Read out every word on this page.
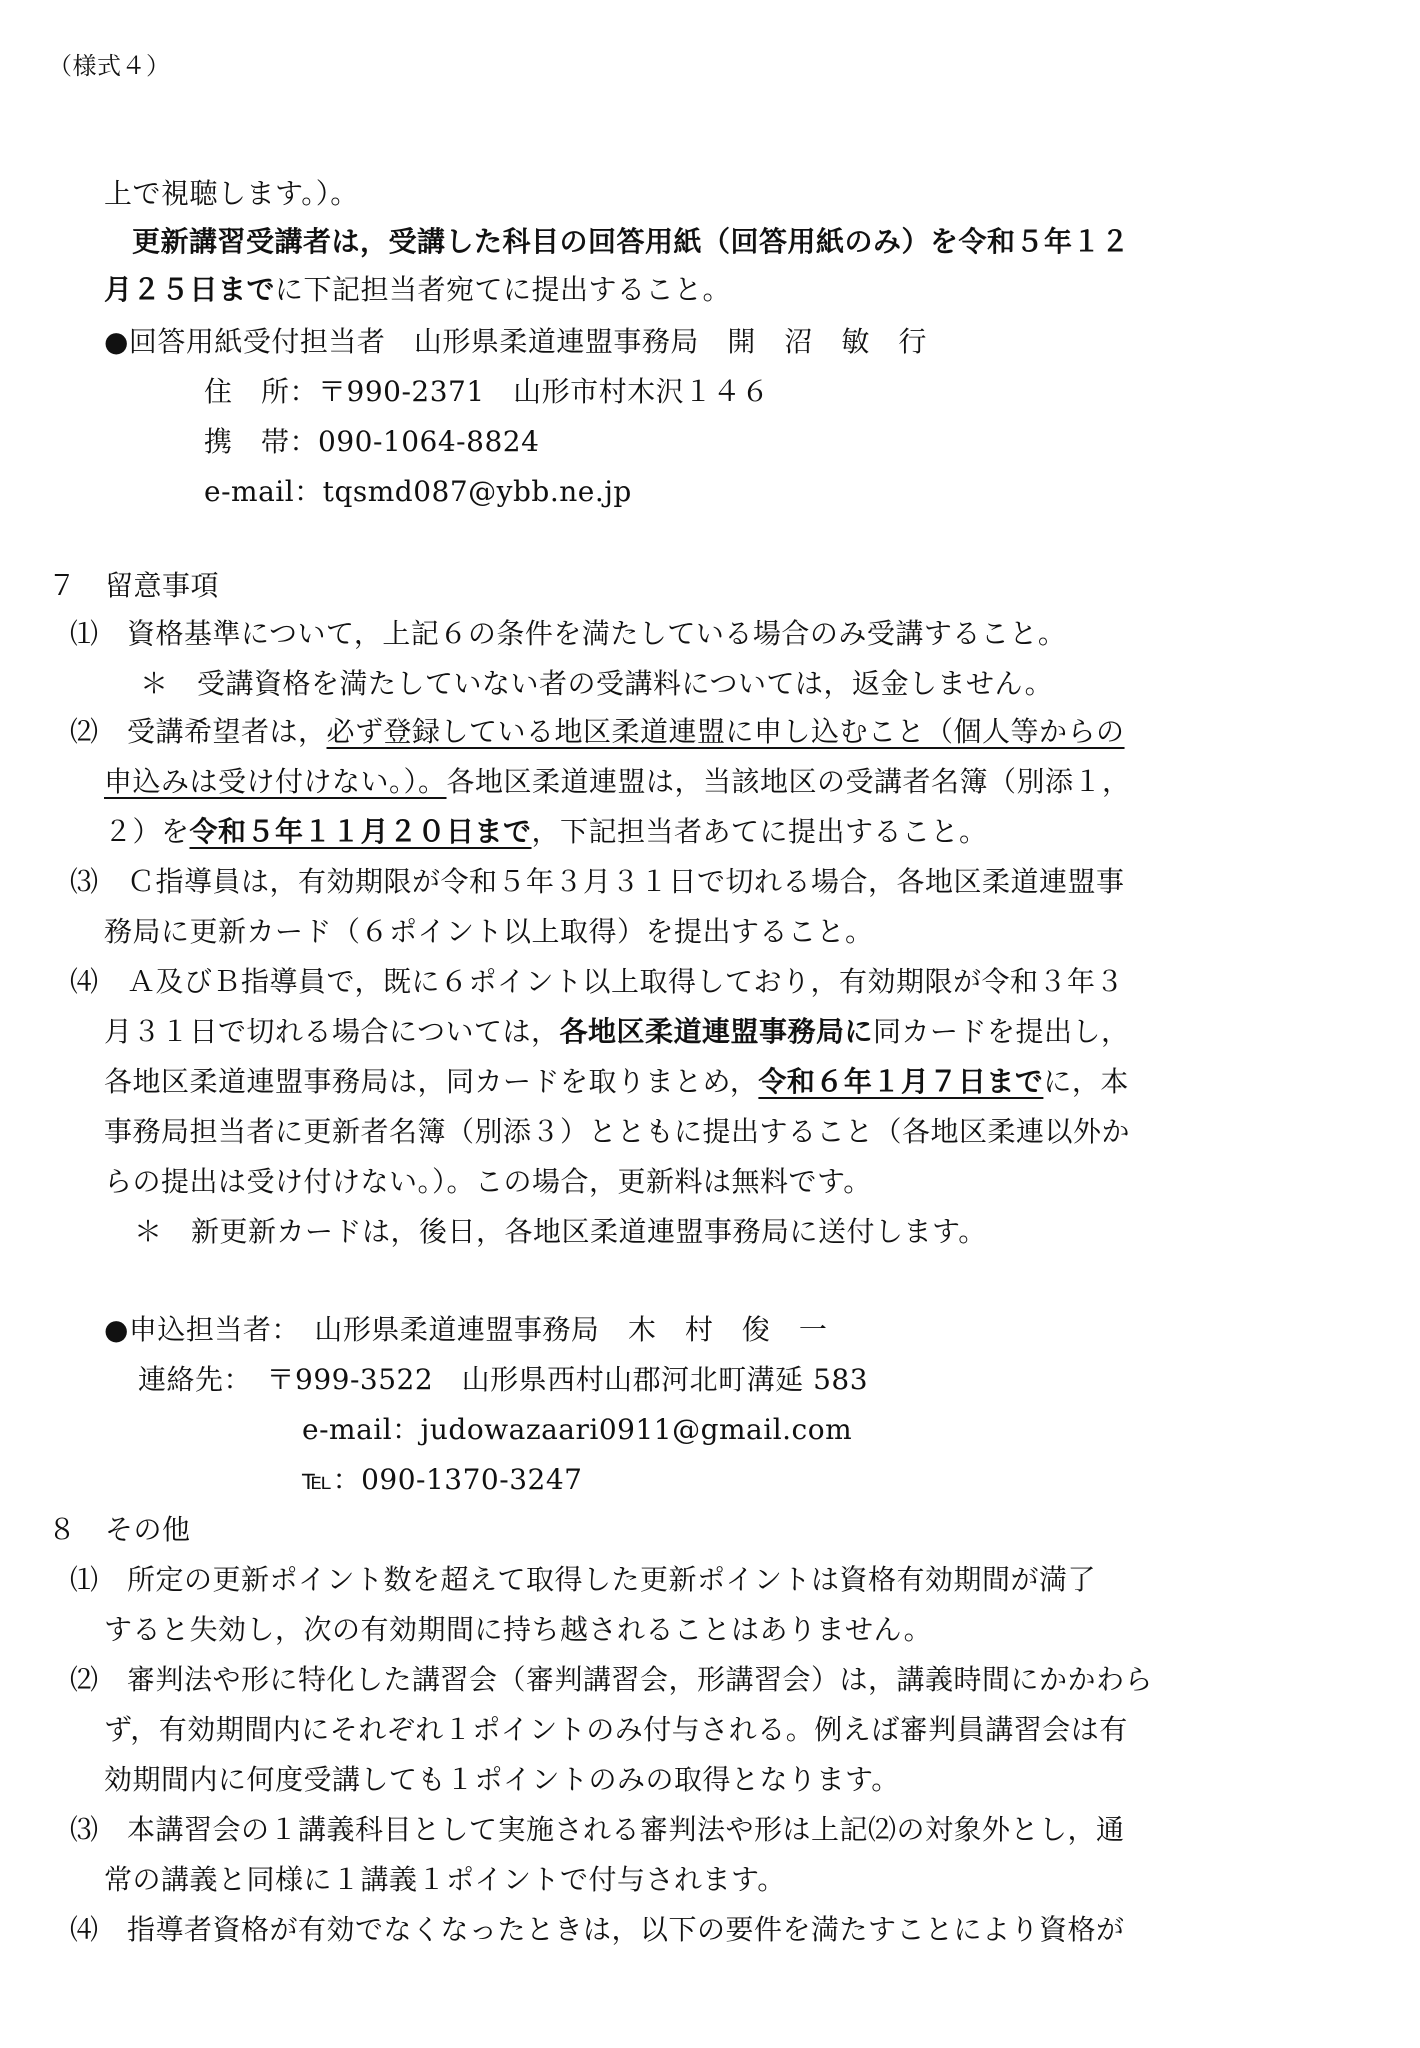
（様式４）
上で視聴します。）。
更新講習受講者は，受講した科目の回答用紙（回答用紙のみ）を令和５年１２
月２５日までに下記担当者宛てに提出すること。
●回答用紙受付担当者　山形県柔道連盟事務局　開　沼　敏　行
住　所：〒990-2371　山形市村木沢１４６
携　帯：090-1064-8824
e-mail：tqsmd087@ybb.ne.jp
７　留意事項
⑴　資格基準について，上記６の条件を満たしている場合のみ受講すること。
＊　受講資格を満たしていない者の受講料については，返金しません。
⑵　受講希望者は，必ず登録している地区柔道連盟に申し込むこと（個人等からの
申込みは受け付けない。）。各地区柔道連盟は，当該地区の受講者名簿（別添１，
２）を令和５年１１月２０日まで，下記担当者あてに提出すること。
⑶　Ｃ指導員は，有効期限が令和５年３月３１日で切れる場合，各地区柔道連盟事
務局に更新カード（６ポイント以上取得）を提出すること。
⑷　Ａ及びＢ指導員で，既に６ポイント以上取得しており，有効期限が令和３年３
月３１日で切れる場合については，各地区柔道連盟事務局に同カードを提出し，
各地区柔道連盟事務局は，同カードを取りまとめ，令和６年１月７日までに，本
事務局担当者に更新者名簿（別添３）とともに提出すること（各地区柔連以外か
らの提出は受け付けない。）。この場合，更新料は無料です。
＊　新更新カードは，後日，各地区柔道連盟事務局に送付します。
●申込担当者：　山形県柔道連盟事務局　木　村　俊　一
連絡先：　〒999-3522　山形県西村山郡河北町溝延 583
e-mail：judowazaari0911@gmail.com
℡：090-1370-3247
８　その他
⑴　所定の更新ポイント数を超えて取得した更新ポイントは資格有効期間が満了
すると失効し，次の有効期間に持ち越されることはありません。
⑵　審判法や形に特化した講習会（審判講習会，形講習会）は，講義時間にかかわら
ず，有効期間内にそれぞれ１ポイントのみ付与される。例えば審判員講習会は有
効期間内に何度受講しても１ポイントのみの取得となります。
⑶　本講習会の１講義科目として実施される審判法や形は上記⑵の対象外とし，通
常の講義と同様に１講義１ポイントで付与されます。
⑷　指導者資格が有効でなくなったときは，以下の要件を満たすことにより資格が
